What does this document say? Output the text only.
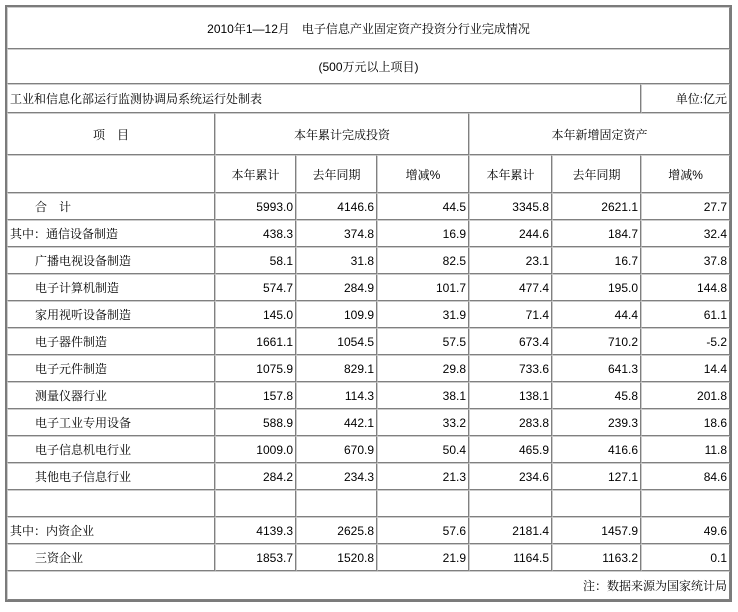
2010年1—12月　电子信息产业固定资产投资分行业完成情况						
(500万元以上项目)						
工业和信息化部运行监测协调局系统运行处制表						单位:亿元
项　目	本年累计完成投资			本年新增固定资产		
	本年累计	去年同期	增减%	本年累计	去年同期	增减%
合　计	5993.0	4146.6	44.5	3345.8	2621.1	27.7
其中：通信设备制造	438.3	374.8	16.9	244.6	184.7	32.4
广播电视设备制造	58.1	31.8	82.5	23.1	16.7	37.8
电子计算机制造	574.7	284.9	101.7	477.4	195.0	144.8
家用视听设备制造	145.0	109.9	31.9	71.4	44.4	61.1
电子器件制造	1661.1	1054.5	57.5	673.4	710.2	-5.2
电子元件制造	1075.9	829.1	29.8	733.6	641.3	14.4
测量仪器行业	157.8	114.3	38.1	138.1	45.8	201.8
电子工业专用设备	588.9	442.1	33.2	283.8	239.3	18.6
电子信息机电行业	1009.0	670.9	50.4	465.9	416.6	11.8
其他电子信息行业	284.2	234.3	21.3	234.6	127.1	84.6

其中：内资企业	4139.3	2625.8	57.6	2181.4	1457.9	49.6
三资企业	1853.7	1520.8	21.9	1164.5	1163.2	0.1
注：数据来源为国家统计局						
